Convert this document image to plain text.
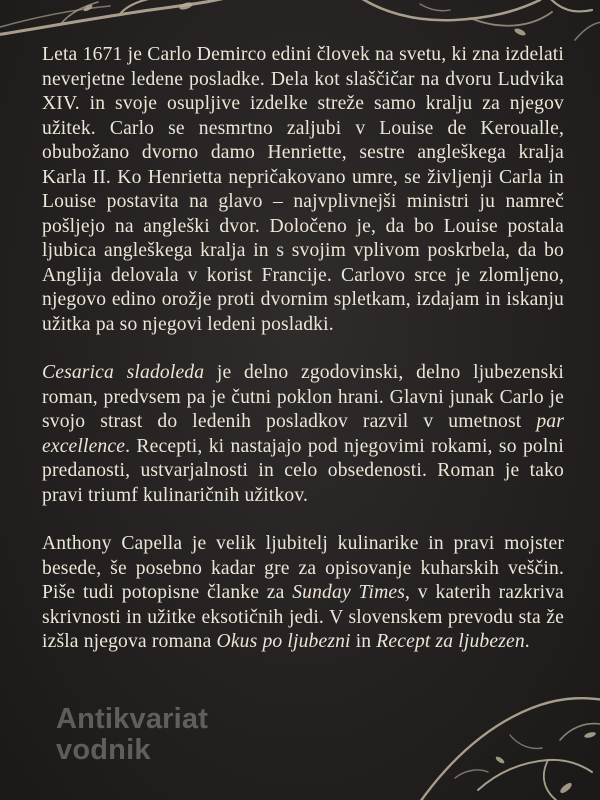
Leta 1671 je Carlo Demirco edini človek na svetu, ki zna izdelati neverjetne ledene posladke. Dela kot slaščičar na dvoru Ludvika XIV. in svoje osupljive izdelke streže samo kralju za njegov užitek. Carlo se nesmrtno zaljubi v Louise de Keroualle, obubožano dvorno damo Henriette, sestre angleškega kralja Karla II. Ko Henrietta nepričakovano umre, se življenji Carla in Louise postavita na glavo – najvplivnejši ministri ju namreč pošljejo na angleški dvor. Določeno je, da bo Louise postala ljubica angleškega kralja in s svojim vplivom poskrbela, da bo Anglija delovala v korist Francije. Carlovo srce je zlomljeno, njegovo edino orožje proti dvornim spletkam, izdajam in iskanju užitka pa so njegovi ledeni posladki.

Cesarica sladoleda je delno zgodovinski, delno ljubezenski roman, predvsem pa je čutni poklon hrani. Glavni junak Carlo je svojo strast do ledenih posladkov razvil v umetnost par excellence. Recepti, ki nastajajo pod njegovimi rokami, so polni predanosti, ustvarjalnosti in celo obsedenosti. Roman je tako pravi triumf kulinaričnih užitkov.

Anthony Capella je velik ljubitelj kulinarike in pravi mojster besede, še posebno kadar gre za opisovanje kuharskih veščin. Piše tudi potopisne članke za Sunday Times, v katerih razkriva skrivnosti in užitke eksotičnih jedi. V slovenskem prevodu sta že izšla njegova romana Okus po ljubezni in Recept za ljubezen.

Antikvariat
vodnik
